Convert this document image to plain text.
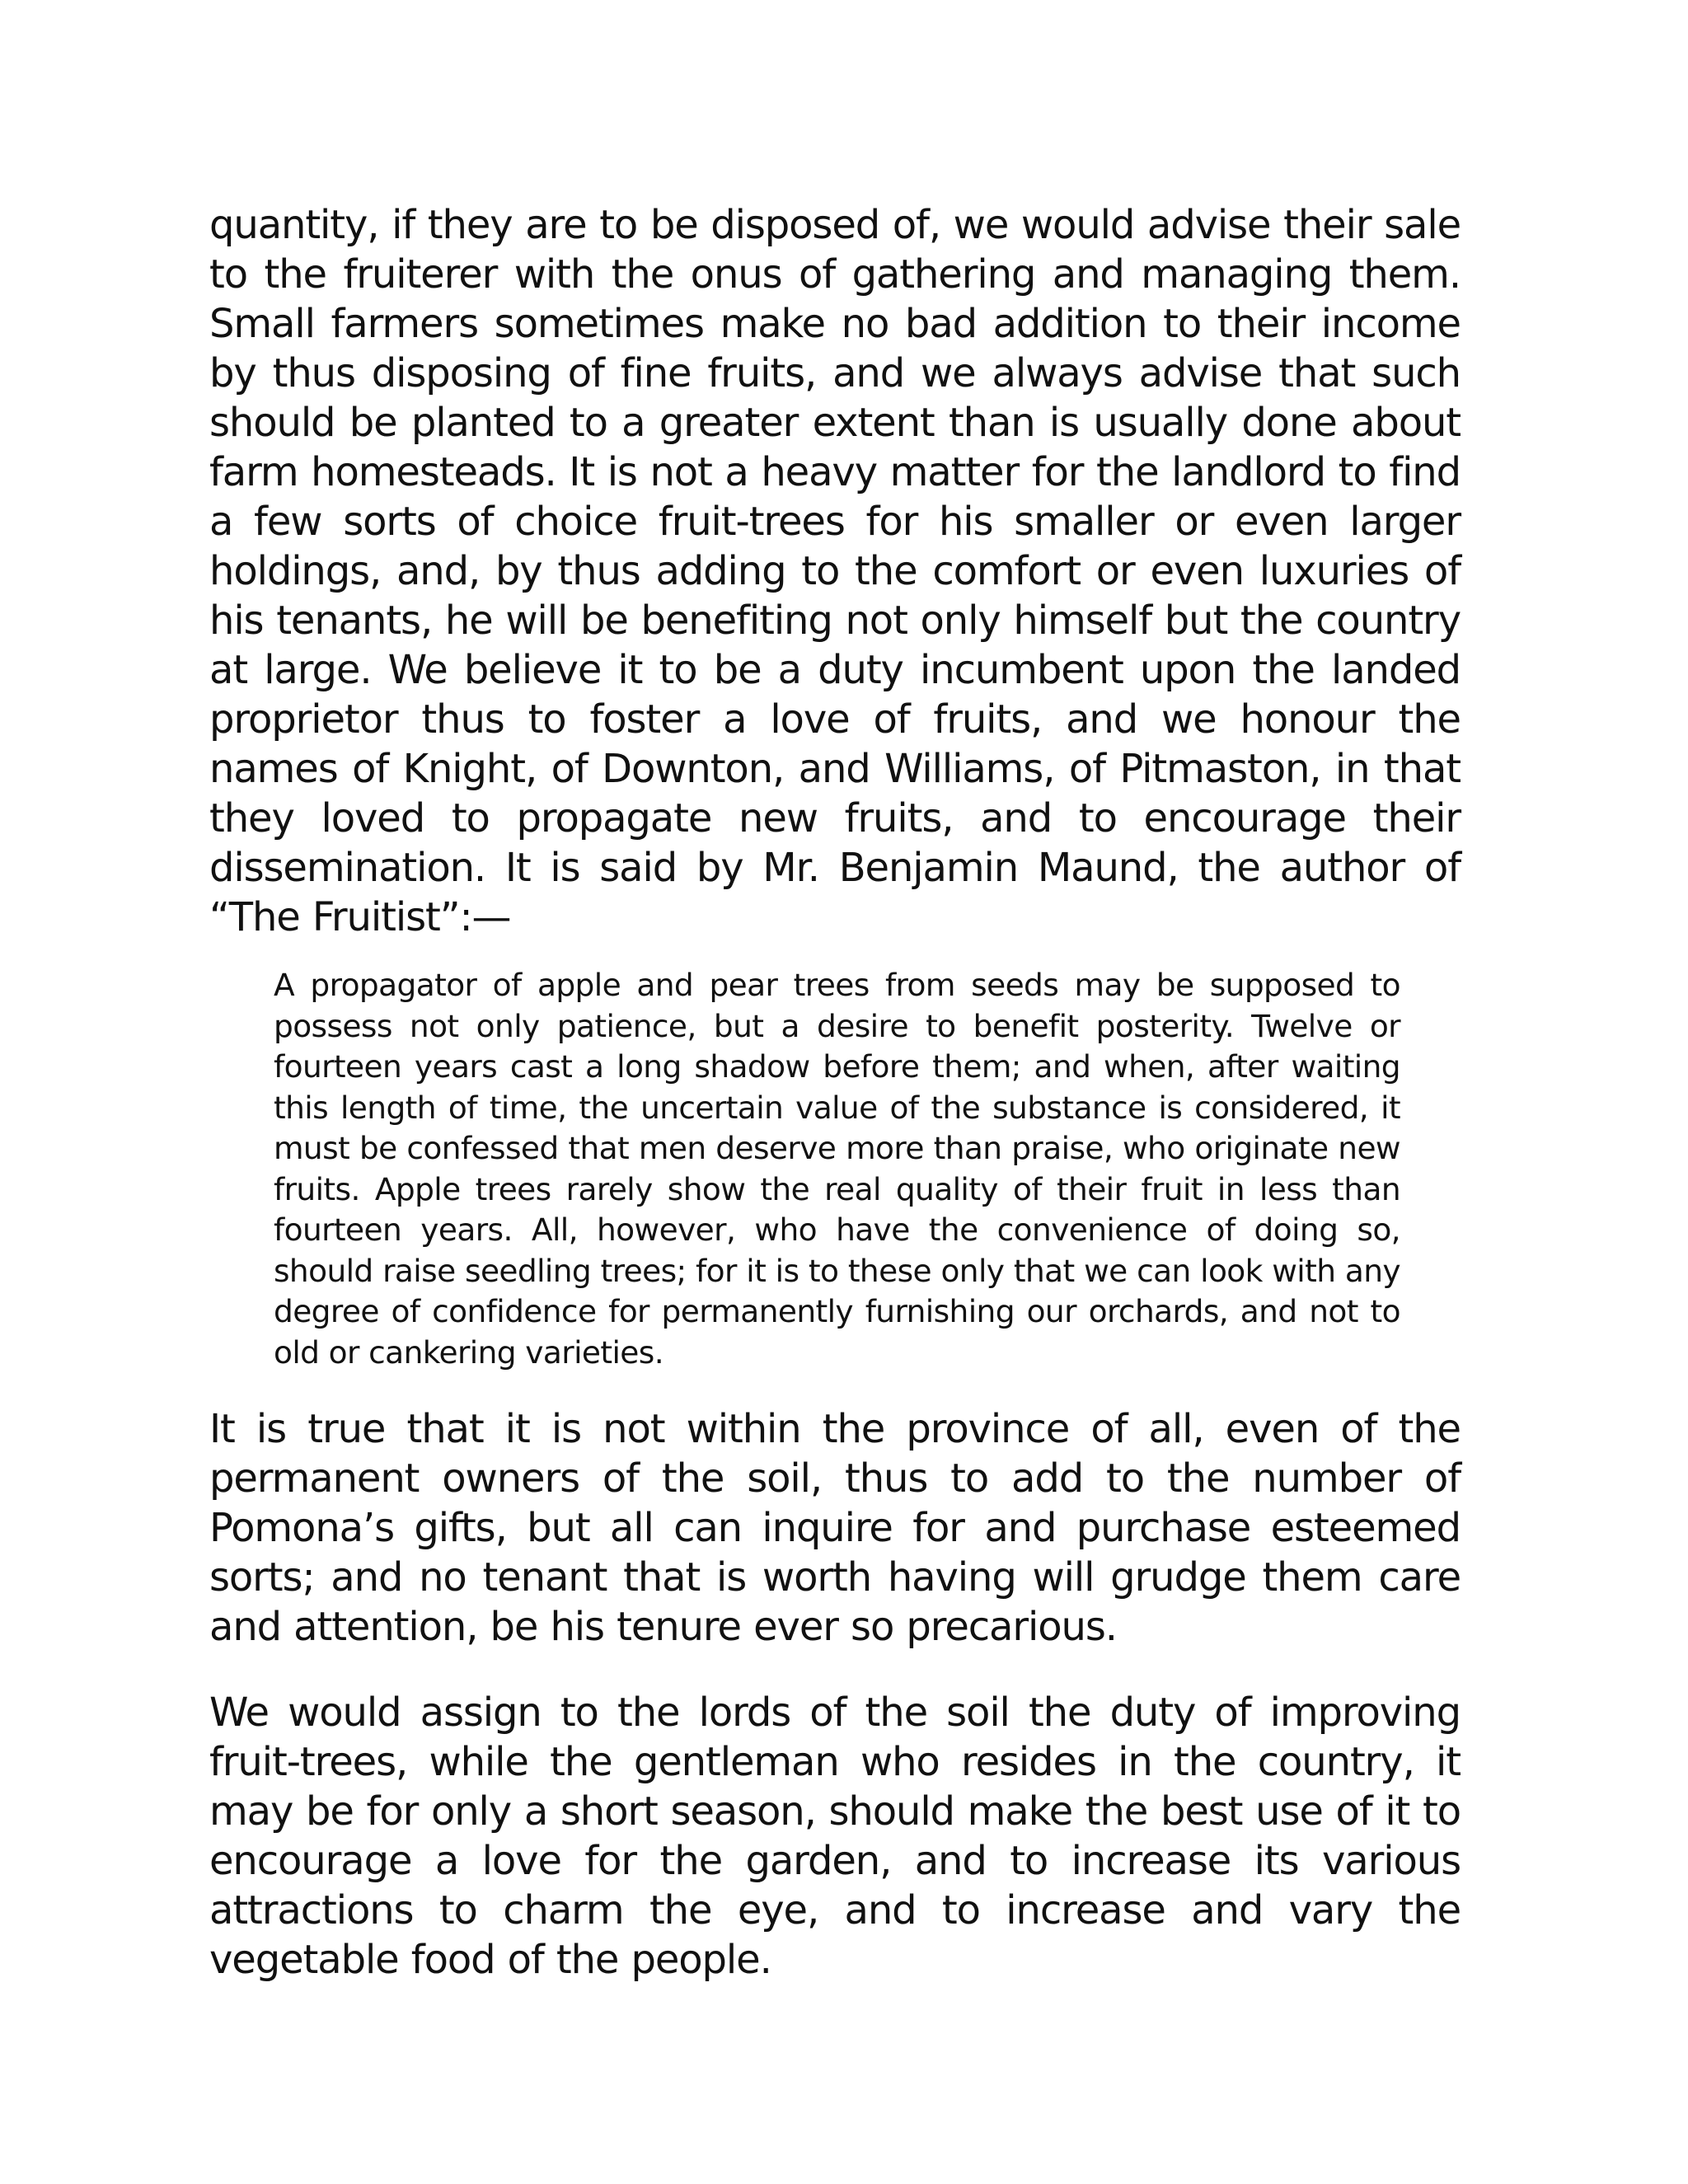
quantity, if they are to be disposed of, we would advise their sale to the fruiterer with the onus of gathering and managing them. Small farmers sometimes make no bad addition to their income by thus disposing of fine fruits, and we always advise that such should be planted to a greater extent than is usually done about farm homesteads. It is not a heavy matter for the landlord to find a few sorts of choice fruit-trees for his smaller or even larger holdings, and, by thus adding to the comfort or even luxuries of his tenants, he will be benefiting not only himself but the country at large. We believe it to be a duty incumbent upon the landed proprietor thus to foster a love of fruits, and we honour the names of Knight, of Downton, and Williams, of Pitmaston, in that they loved to propagate new fruits, and to encourage their dissemination. It is said by Mr. Benjamin Maund, the author of “The Fruitist”:—

A propagator of apple and pear trees from seeds may be supposed to possess not only patience, but a desire to benefit posterity. Twelve or fourteen years cast a long shadow before them; and when, after waiting this length of time, the uncertain value of the substance is considered, it must be confessed that men deserve more than praise, who originate new fruits. Apple trees rarely show the real quality of their fruit in less than fourteen years. All, however, who have the convenience of doing so, should raise seedling trees; for it is to these only that we can look with any degree of confidence for permanently furnishing our orchards, and not to old or cankering varieties.

It is true that it is not within the province of all, even of the permanent owners of the soil, thus to add to the number of Pomona’s gifts, but all can inquire for and purchase esteemed sorts; and no tenant that is worth having will grudge them care and attention, be his tenure ever so precarious.

We would assign to the lords of the soil the duty of improving fruit-trees, while the gentleman who resides in the country, it may be for only a short season, should make the best use of it to encourage a love for the garden, and to increase its various attractions to charm the eye, and to increase and vary the vegetable food of the people.
